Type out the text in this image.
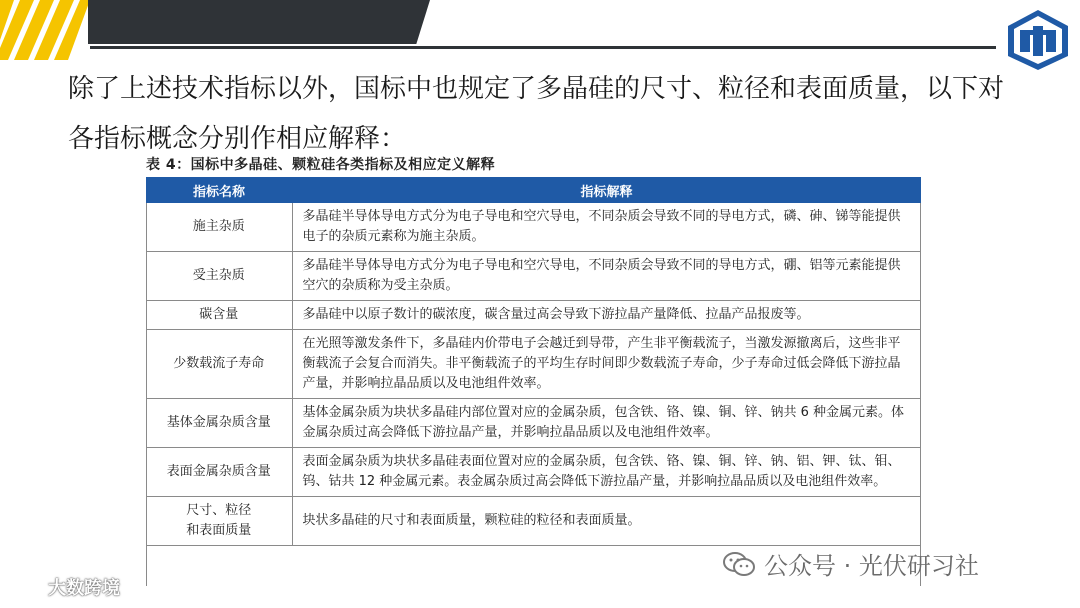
除了上述技术指标以外，国标中也规定了多晶硅的尺寸、粒径和表面质量，以下对

各指标概念分别作相应解释：

表 4：国标中多晶硅、颗粒硅各类指标及相应定义解释
指标名称	指标解释
施主杂质	多晶硅半导体导电方式分为电子导电和空穴导电，不同杂质会导致不同的导电方式，磷、砷、锑等能提供电子的杂质元素称为施主杂质。
受主杂质	多晶硅半导体导电方式分为电子导电和空穴导电，不同杂质会导致不同的导电方式，硼、铝等元素能提供空穴的杂质称为受主杂质。
碳含量	多晶硅中以原子数计的碳浓度，碳含量过高会导致下游拉晶产量降低、拉晶产品报废等。
少数载流子寿命	在光照等激发条件下，多晶硅内价带电子会越迁到导带，产生非平衡载流子，当激发源撤离后，这些非平衡载流子会复合而消失。非平衡载流子的平均生存时间即少数载流子寿命，少子寿命过低会降低下游拉晶产量，并影响拉晶品质以及电池组件效率。
基体金属杂质含量	基体金属杂质为块状多晶硅内部位置对应的金属杂质，包含铁、铬、镍、铜、锌、钠共 6 种金属元素。体金属杂质过高会降低下游拉晶产量，并影响拉晶品质以及电池组件效率。
表面金属杂质含量	表面金属杂质为块状多晶硅表面位置对应的金属杂质，包含铁、铬、镍、铜、锌、钠、铝、钾、钛、钼、钨、钴共 12 种金属元素。表金属杂质过高会降低下游拉晶产量，并影响拉晶品质以及电池组件效率。
尺寸、粒径
和表面质量	块状多晶硅的尺寸和表面质量，颗粒硅的粒径和表面质量。
大数跨境
公众号 · 光伏研习社
